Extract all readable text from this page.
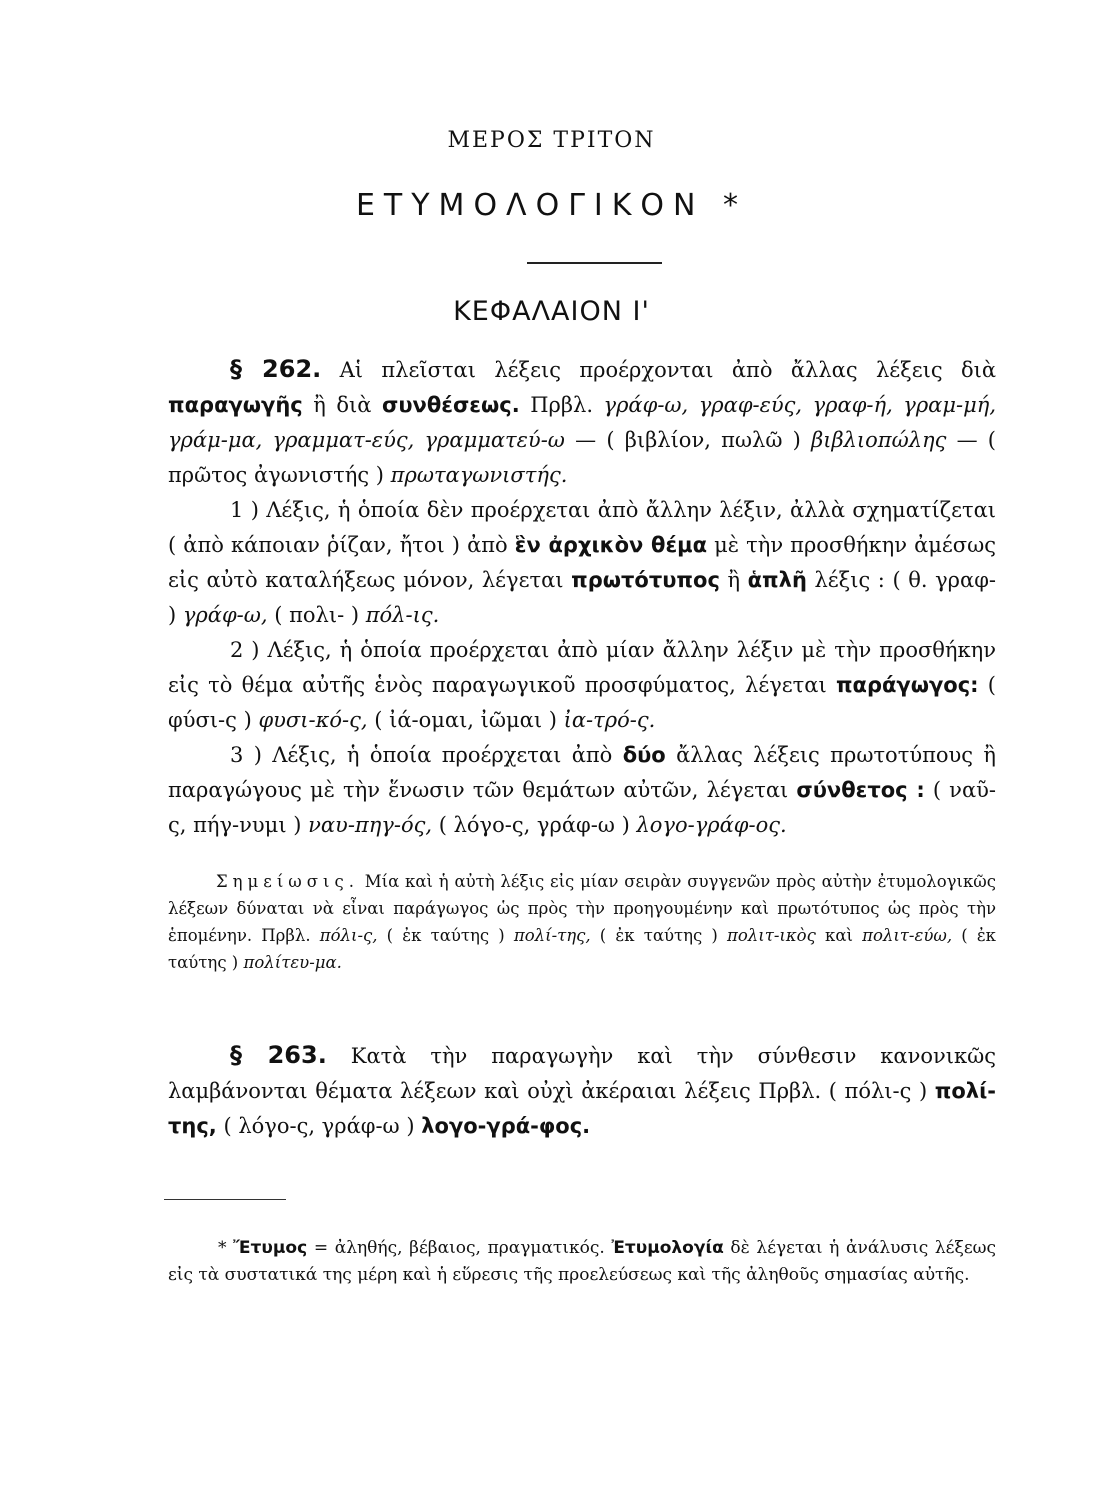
ΜΕΡΟΣ ΤΡΙΤΟΝ
ΕΤΥΜΟΛΟΓΙΚΟΝ *
ΚΕΦΑΛΑΙΟΝ Ι'

§ 262. Αἱ πλεῖσται λέξεις προέρχονται ἀπὸ ἄλλας λέξεις διὰ παραγωγῆς ἢ διὰ συνθέσεως. Πρβλ. γράφ-ω, γραφ-εύς, γραφ-ή, γραμ-μή, γράμ-μα, γραμματ-εύς, γραμματεύ-ω — ( βιβλίον, πωλῶ ) βιβλιοπώλης — ( πρῶτος ἀγωνιστής ) πρωταγωνιστής.

1 ) Λέξις, ἡ ὁποία δὲν προέρχεται ἀπὸ ἄλλην λέξιν, ἀλλὰ σχηματίζεται ( ἀπὸ κάποιαν ῥίζαν, ἤτοι ) ἀπὸ ἓν ἀρχικὸν θέμα μὲ τὴν προσθήκην ἀμέσως εἰς αὐτὸ καταλήξεως μόνον, λέγεται πρωτότυπος ἢ ἁπλῆ λέξις : ( θ. γραφ- ) γράφ-ω, ( πολι- ) πόλ-ις.

2 ) Λέξις, ἡ ὁποία προέρχεται ἀπὸ μίαν ἄλλην λέξιν μὲ τὴν προσθήκην εἰς τὸ θέμα αὐτῆς ἑνὸς παραγωγικοῦ προσφύματος, λέγεται παράγωγος: ( φύσι-ς ) φυσι-κό-ς, ( ἰά-ομαι, ἰῶμαι ) ἰα-τρό-ς.

3 ) Λέξις, ἡ ὁποία προέρχεται ἀπὸ δύο ἄλλας λέξεις πρωτοτύπους ἢ παραγώγους μὲ τὴν ἕνωσιν τῶν θεμάτων αὐτῶν, λέγεται σύνθετος : ( ναῦ-ς, πήγ-νυμι ) ναυ-πηγ-ός, ( λόγο-ς, γράφ-ω ) λογο-γράφ-ος.

Σημείωσις. Μία καὶ ἡ αὐτὴ λέξις εἰς μίαν σειρὰν συγγενῶν πρὸς αὐτὴν ἐτυμολογικῶς λέξεων δύναται νὰ εἶναι παράγωγος ὡς πρὸς τὴν προηγουμένην καὶ πρωτότυπος ὡς πρὸς τὴν ἑπομένην. Πρβλ. πόλι-ς, ( ἐκ ταύτης ) πολί-της, ( ἐκ ταύτης ) πολιτ-ικὸς καὶ πολιτ-εύω, ( ἐκ ταύτης ) πολίτευ-μα.

§ 263. Κατὰ τὴν παραγωγὴν καὶ τὴν σύνθεσιν κανονικῶς λαμβάνονται θέματα λέξεων καὶ οὐχὶ ἀκέραιαι λέξεις Πρβλ. ( πόλι-ς ) πολί-της, ( λόγο-ς, γράφ-ω ) λογο-γρά-φος.

* Ἔτυμος = ἀληθής, βέβαιος, πραγματικός. Ἐτυμολογία δὲ λέγεται ἡ ἀνάλυσις λέξεως εἰς τὰ συστατικά της μέρη καὶ ἡ εὕρεσις τῆς προελεύσεως καὶ τῆς ἀληθοῦς σημασίας αὐτῆς.
